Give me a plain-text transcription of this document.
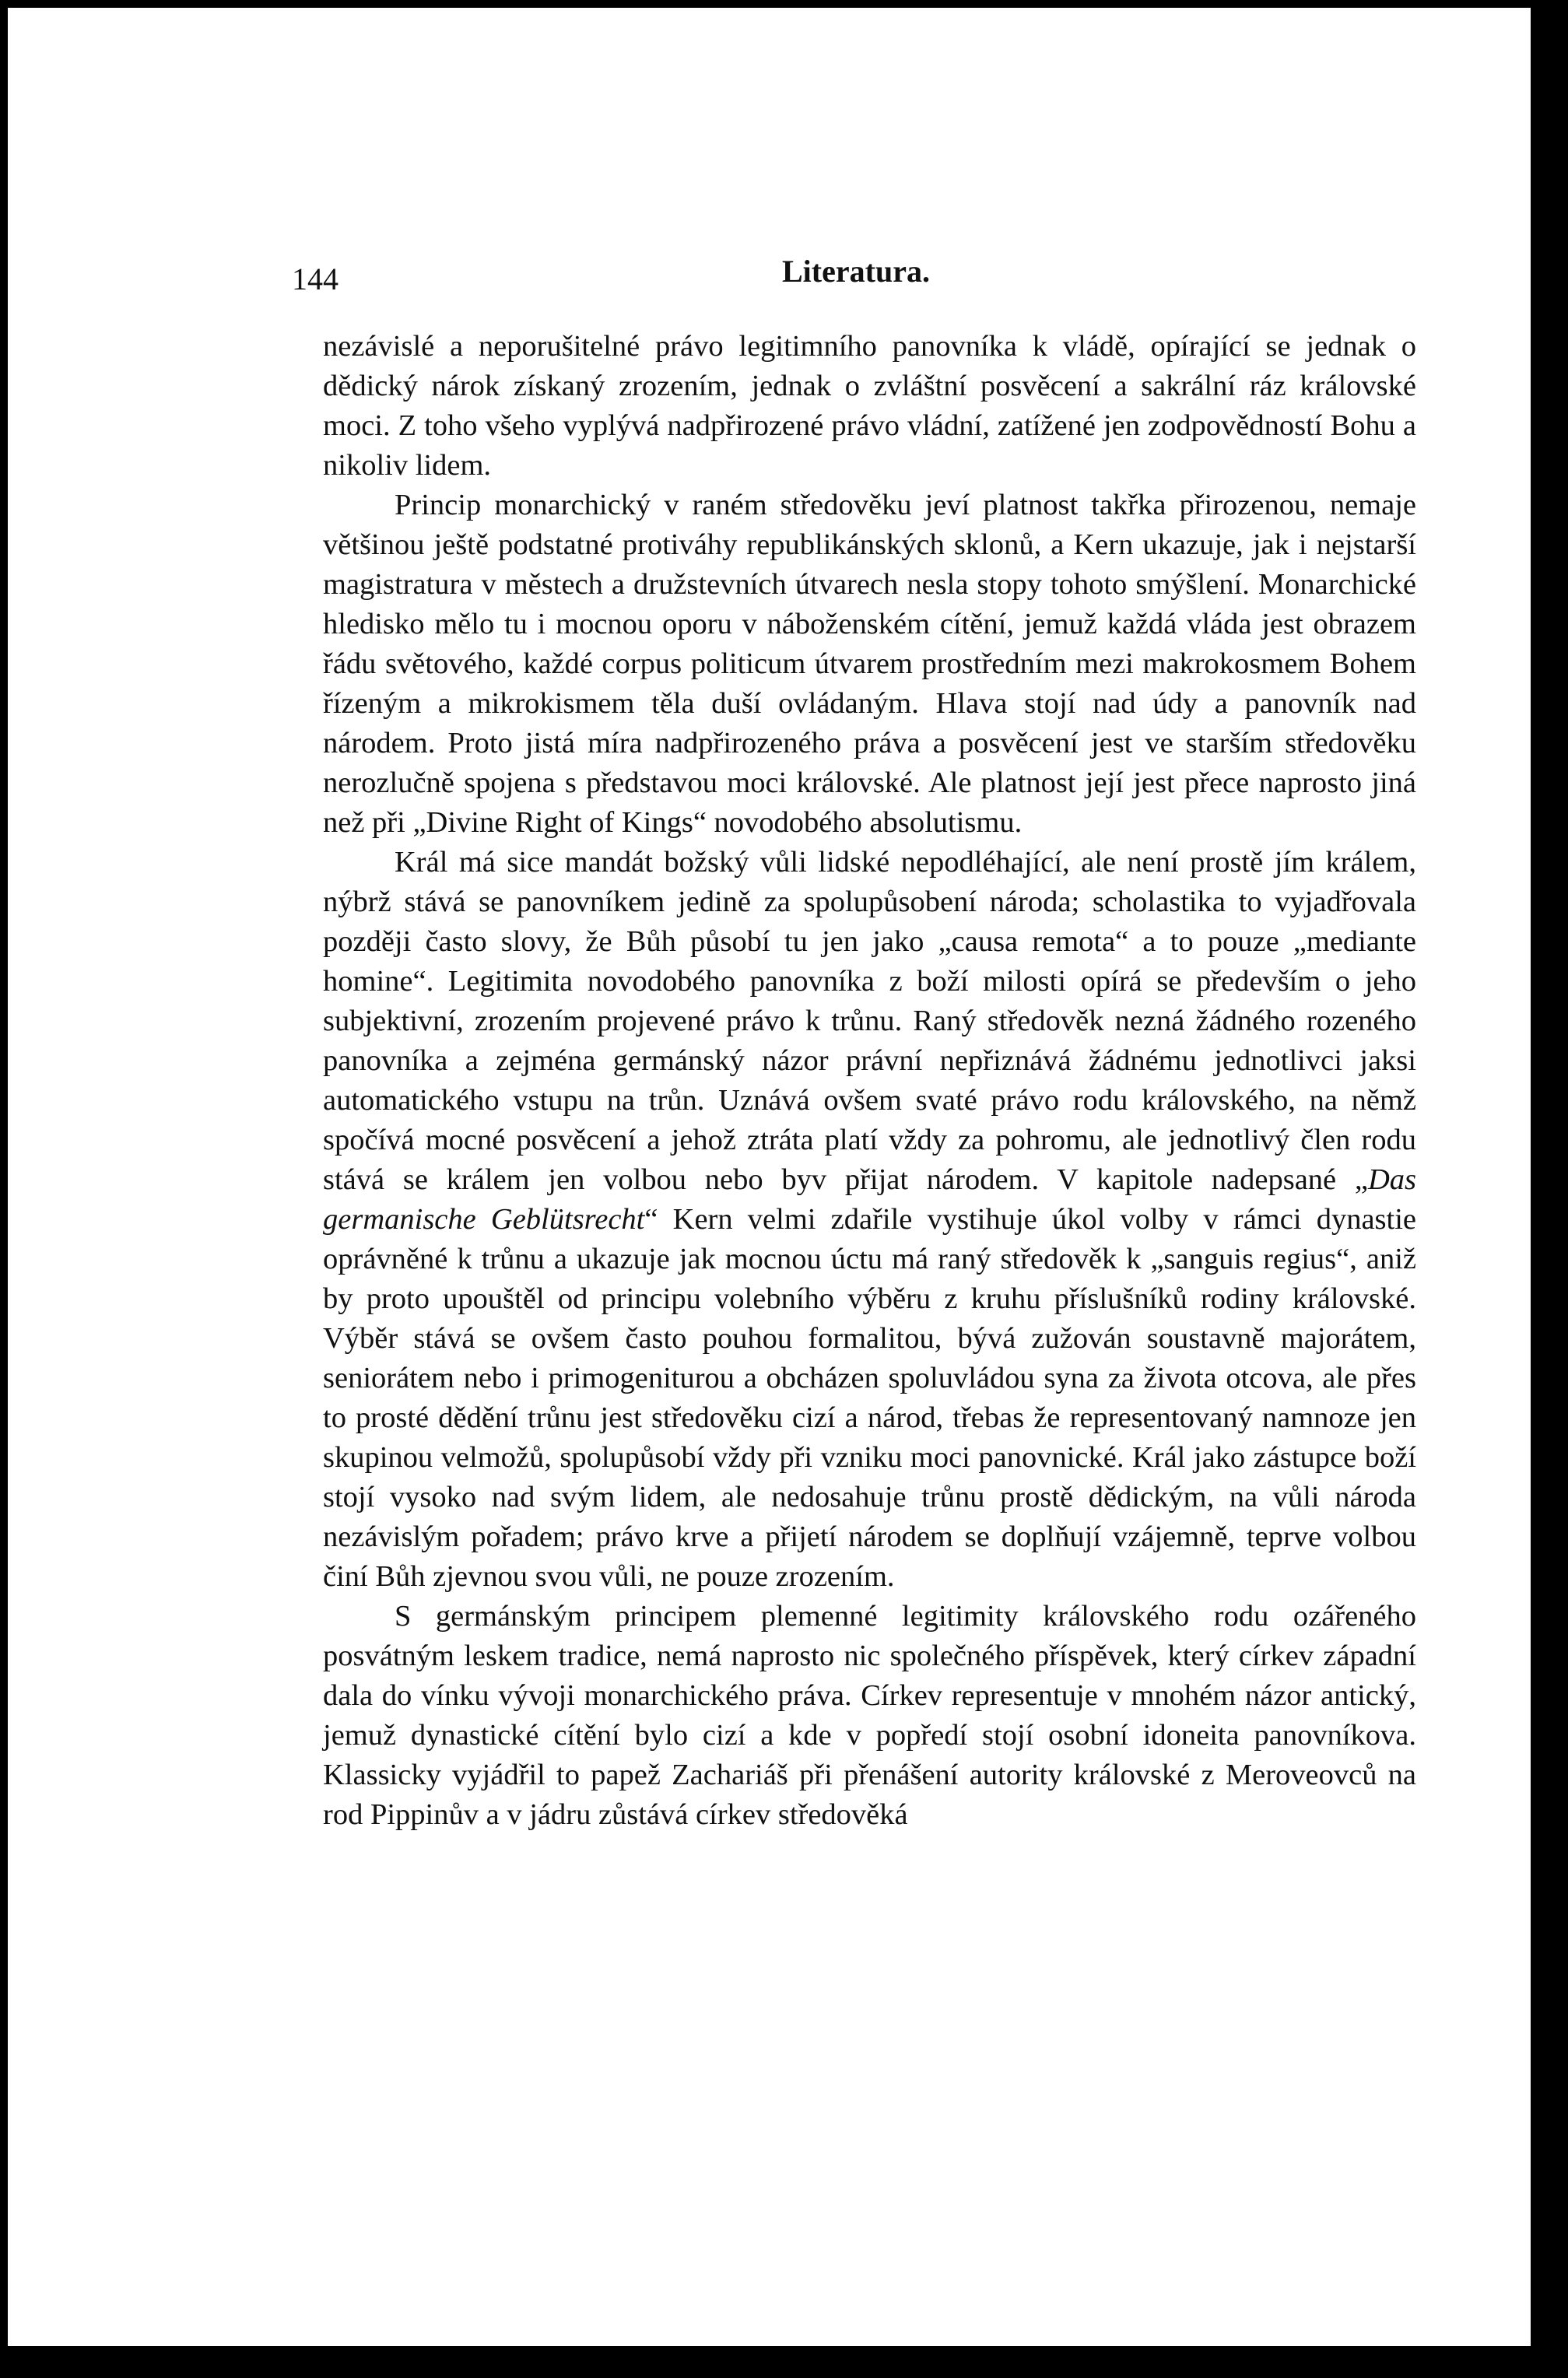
144	Literatura.

nezávislé a neporušitelné právo legitimního panovníka k vládě, opírající se jednak o dědický nárok získaný zrozením, jednak o zvláštní posvěcení a sakrální ráz královské moci. Z toho všeho vyplývá nadpřirozené právo vládní, zatížené jen zodpovědností Bohu a nikoliv lidem.

Princip monarchický v raném středověku jeví platnost takřka přirozenou, nemaje většinou ještě podstatné protiváhy republikánských sklonů, a Kern ukazuje, jak i nejstarší magistratura v městech a družstevních útvarech nesla stopy tohoto smýšlení. Monarchické hledisko mělo tu i mocnou oporu v náboženském cítění, jemuž každá vláda jest obrazem řádu světového, každé corpus politicum útvarem prostředním mezi makrokosmem Bohem řízeným a mikrokismem těla duší ovládaným. Hlava stojí nad údy a panovník nad národem. Proto jistá míra nadpřirozeného práva a posvěcení jest ve starším středověku nerozlučně spojena s představou moci královské. Ale platnost její jest přece naprosto jiná než při „Divine Right of Kings“ novodobého absolutismu.

Král má sice mandát božský vůli lidské nepodléhající, ale není prostě jím králem, nýbrž stává se panovníkem jedině za spolupůsobení národa; scholastika to vyjadřovala později často slovy, že Bůh působí tu jen jako „causa remota“ a to pouze „mediante homine“. Legitimita novodobého panovníka z boží milosti opírá se především o jeho subjektivní, zrozením projevené právo k trůnu. Raný středověk nezná žádného rozeného panovníka a zejména germánský názor právní nepřiznává žádnému jednotlivci jaksi automatického vstupu na trůn. Uznává ovšem svaté právo rodu královského, na němž spočívá mocné posvěcení a jehož ztráta platí vždy za pohromu, ale jednotlivý člen rodu stává se králem jen volbou nebo byv přijat národem. V kapitole nadepsané „Das germanische Geblütsrecht“ Kern velmi zdařile vystihuje úkol volby v rámci dynastie oprávněné k trůnu a ukazuje jak mocnou úctu má raný středověk k „sanguis regius“, aniž by proto upouštěl od principu volebního výběru z kruhu příslušníků rodiny královské. Výběr stává se ovšem často pouhou formalitou, bývá zužován soustavně majorátem, seniorátem nebo i primogeniturou a obcházen spoluvládou syna za života otcova, ale přes to prosté dědění trůnu jest středověku cizí a národ, třebas že representovaný namnoze jen skupinou velmožů, spolupůsobí vždy při vzniku moci panovnické. Král jako zástupce boží stojí vysoko nad svým lidem, ale nedosahuje trůnu prostě dědickým, na vůli národa nezávislým pořadem; právo krve a přijetí národem se doplňují vzájemně, teprve volbou činí Bůh zjevnou svou vůli, ne pouze zrozením.

S germánským principem plemenné legitimity královského rodu ozářeného posvátným leskem tradice, nemá naprosto nic společného příspěvek, který církev západní dala do vínku vývoji monarchického práva. Církev representuje v mnohém názor antický, jemuž dynastické cítění bylo cizí a kde v popředí stojí osobní idoneita panovníkova. Klassicky vyjádřil to papež Zachariáš při přenášení autority královské z Meroveovců na rod Pippinův a v jádru zůstává církev středověká
